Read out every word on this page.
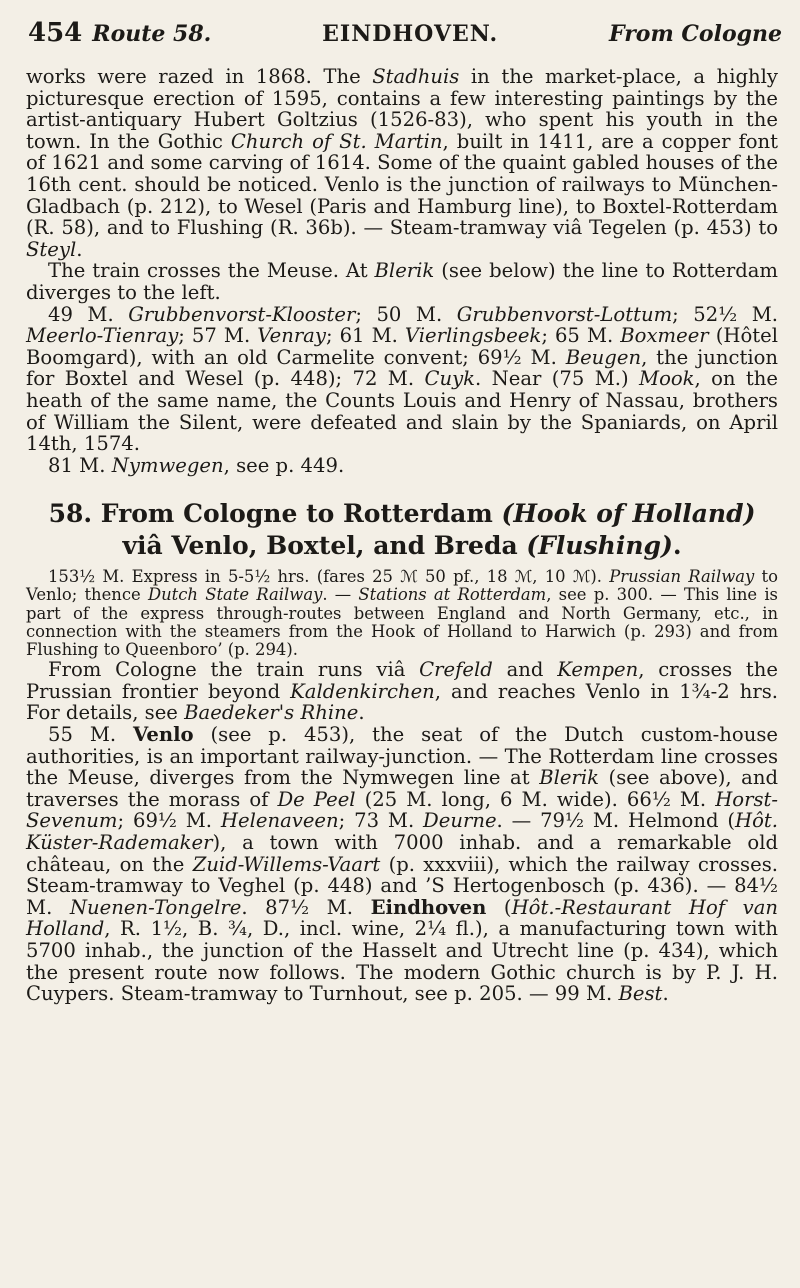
454 Route 58.	EINDHOVEN.	From Cologne

works were razed in 1868. The Stadhuis in the market-place, a highly picturesque erection of 1595, contains a few interesting paintings by the artist-antiquary Hubert Goltzius (1526-83), who spent his youth in the town. In the Gothic Church of St. Martin, built in 1411, are a copper font of 1621 and some carving of 1614. Some of the quaint gabled houses of the 16th cent. should be noticed. Venlo is the junction of railways to München-Gladbach (p. 212), to Wesel (Paris and Hamburg line), to Boxtel-Rotterdam (R. 58), and to Flushing (R. 36b). — Steam-tramway viâ Tegelen (p. 453) to Steyl.

The train crosses the Meuse. At Blerik (see below) the line to Rotterdam diverges to the left.

49 M. Grubbenvorst-Klooster; 50 M. Grubbenvorst-Lottum; 52½ M. Meerlo-Tienray; 57 M. Venray; 61 M. Vierlingsbeek; 65 M. Boxmeer (Hôtel Boomgard), with an old Carmelite convent; 69½ M. Beugen, the junction for Boxtel and Wesel (p. 448); 72 M. Cuyk. Near (75 M.) Mook, on the heath of the same name, the Counts Louis and Henry of Nassau, brothers of William the Silent, were defeated and slain by the Spaniards, on April 14th, 1574.

81 M. Nymwegen, see p. 449.

58. From Cologne to Rotterdam (Hook of Holland)
viâ Venlo, Boxtel, and Breda (Flushing).

153½ M. Express in 5-5½ hrs. (fares 25 ℳ 50 pf., 18 ℳ, 10 ℳ). Prussian Railway to Venlo; thence Dutch State Railway. — Stations at Rotterdam, see p. 300. — This line is part of the express through-routes between England and North Germany, etc., in connection with the steamers from the Hook of Holland to Harwich (p. 293) and from Flushing to Queenboro’ (p. 294).

From Cologne the train runs viâ Crefeld and Kempen, crosses the Prussian frontier beyond Kaldenkirchen, and reaches Venlo in 1¾-2 hrs. For details, see Baedeker's Rhine.

55 M. Venlo (see p. 453), the seat of the Dutch custom-house authorities, is an important railway-junction. — The Rotterdam line crosses the Meuse, diverges from the Nymwegen line at Blerik (see above), and traverses the morass of De Peel (25 M. long, 6 M. wide). 66½ M. Horst-Sevenum; 69½ M. Helenaveen; 73 M. Deurne. — 79½ M. Helmond (Hôt. Küster-Rademaker), a town with 7000 inhab. and a remarkable old château, on the Zuid-Willems-Vaart (p. xxxviii), which the railway crosses. Steam-tramway to Veghel (p. 448) and ’S Hertogenbosch (p. 436). — 84½ M. Nuenen-Tongelre. 87½ M. Eindhoven (Hôt.-Restaurant Hof van Holland, R. 1½, B. ¾, D., incl. wine, 2¼ fl.), a manufacturing town with 5700 inhab., the junction of the Hasselt and Utrecht line (p. 434), which the present route now follows. The modern Gothic church is by P. J. H. Cuypers. Steam-tramway to Turnhout, see p. 205. — 99 M. Best.
